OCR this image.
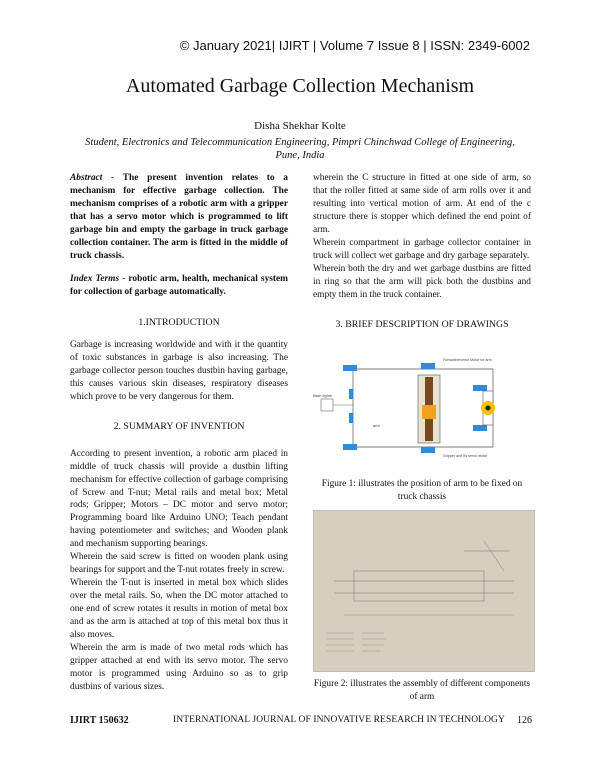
© January 2021| IJIRT | Volume 7 Issue 8 | ISSN: 2349-6002
Automated Garbage Collection Mechanism
Disha Shekhar Kolte
Student, Electronics and Telecommunication Engineering, Pimpri Chinchwad College of Engineering, Pune, India
Abstract - The present invention relates to a mechanism for effective garbage collection. The mechanism comprises of a robotic arm with a gripper that has a servo motor which is programmed to lift garbage bin and empty the garbage in truck garbage collection container. The arm is fitted in the middle of truck chassis.
Index Terms - robotic arm, health, mechanical system for collection of garbage automatically.
1.INTRODUCTION

Garbage is increasing worldwide and with it the quantity of toxic substances in garbage is also increasing. The garbage collector person touches dustbin having garbage, this causes various skin diseases, respiratory diseases which prove to be very dangerous for them.

2. SUMMARY OF INVENTION

According to present invention, a robotic arm placed in middle of truck chassis will provide a dustbin lifting mechanism for effective collection of garbage comprising of Screw and T-nut; Metal rails and metal box; Metal rods; Gripper; Motors – DC motor and servo motor; Programming board like Arduino UNO; Teach pendant having potentiometer and switches; and Wooden plank and mechanism supporting bearings.

Wherein the said screw is fitted on wooden plank using bearings for support and the T-nut rotates freely in screw.

Wherein the T-nut is inserted in metal box which slides over the metal rails. So, when the DC motor attached to one end of screw rotates it results in motion of metal box and as the arm is attached at top of this metal box thus it also moves.

Wherein the arm is made of two metal rods which has gripper attached at end with its servo motor. The servo motor is programmed using Arduino so as to grip dustbins of various sizes.

wherein the C structure in fitted at one side of arm, so that the roller fitted at same side of arm rolls over it and resulting into vertical motion of arm. At end of the c structure there is stopper which defined the end point of arm.

Wherein compartment in garbage collector container in truck will collect wet garbage and dry garbage separately.

Wherein both the dry and wet garbage dustbins are fitted in ring so that the arm will pick both the dustbins and empty them in the truck container.

3. BRIEF DESCRIPTION OF DRAWINGS
flash lights
arm
Forward/reverse Motor for arm
Gripper and it's servo motor
Figure 1: illustrates the position of arm to be fixed on truck chassis
Figure 2: illustrates the assembly of different components of arm
IJIRT 150632	INTERNATIONAL JOURNAL OF INNOVATIVE RESEARCH IN TECHNOLOGY 126
